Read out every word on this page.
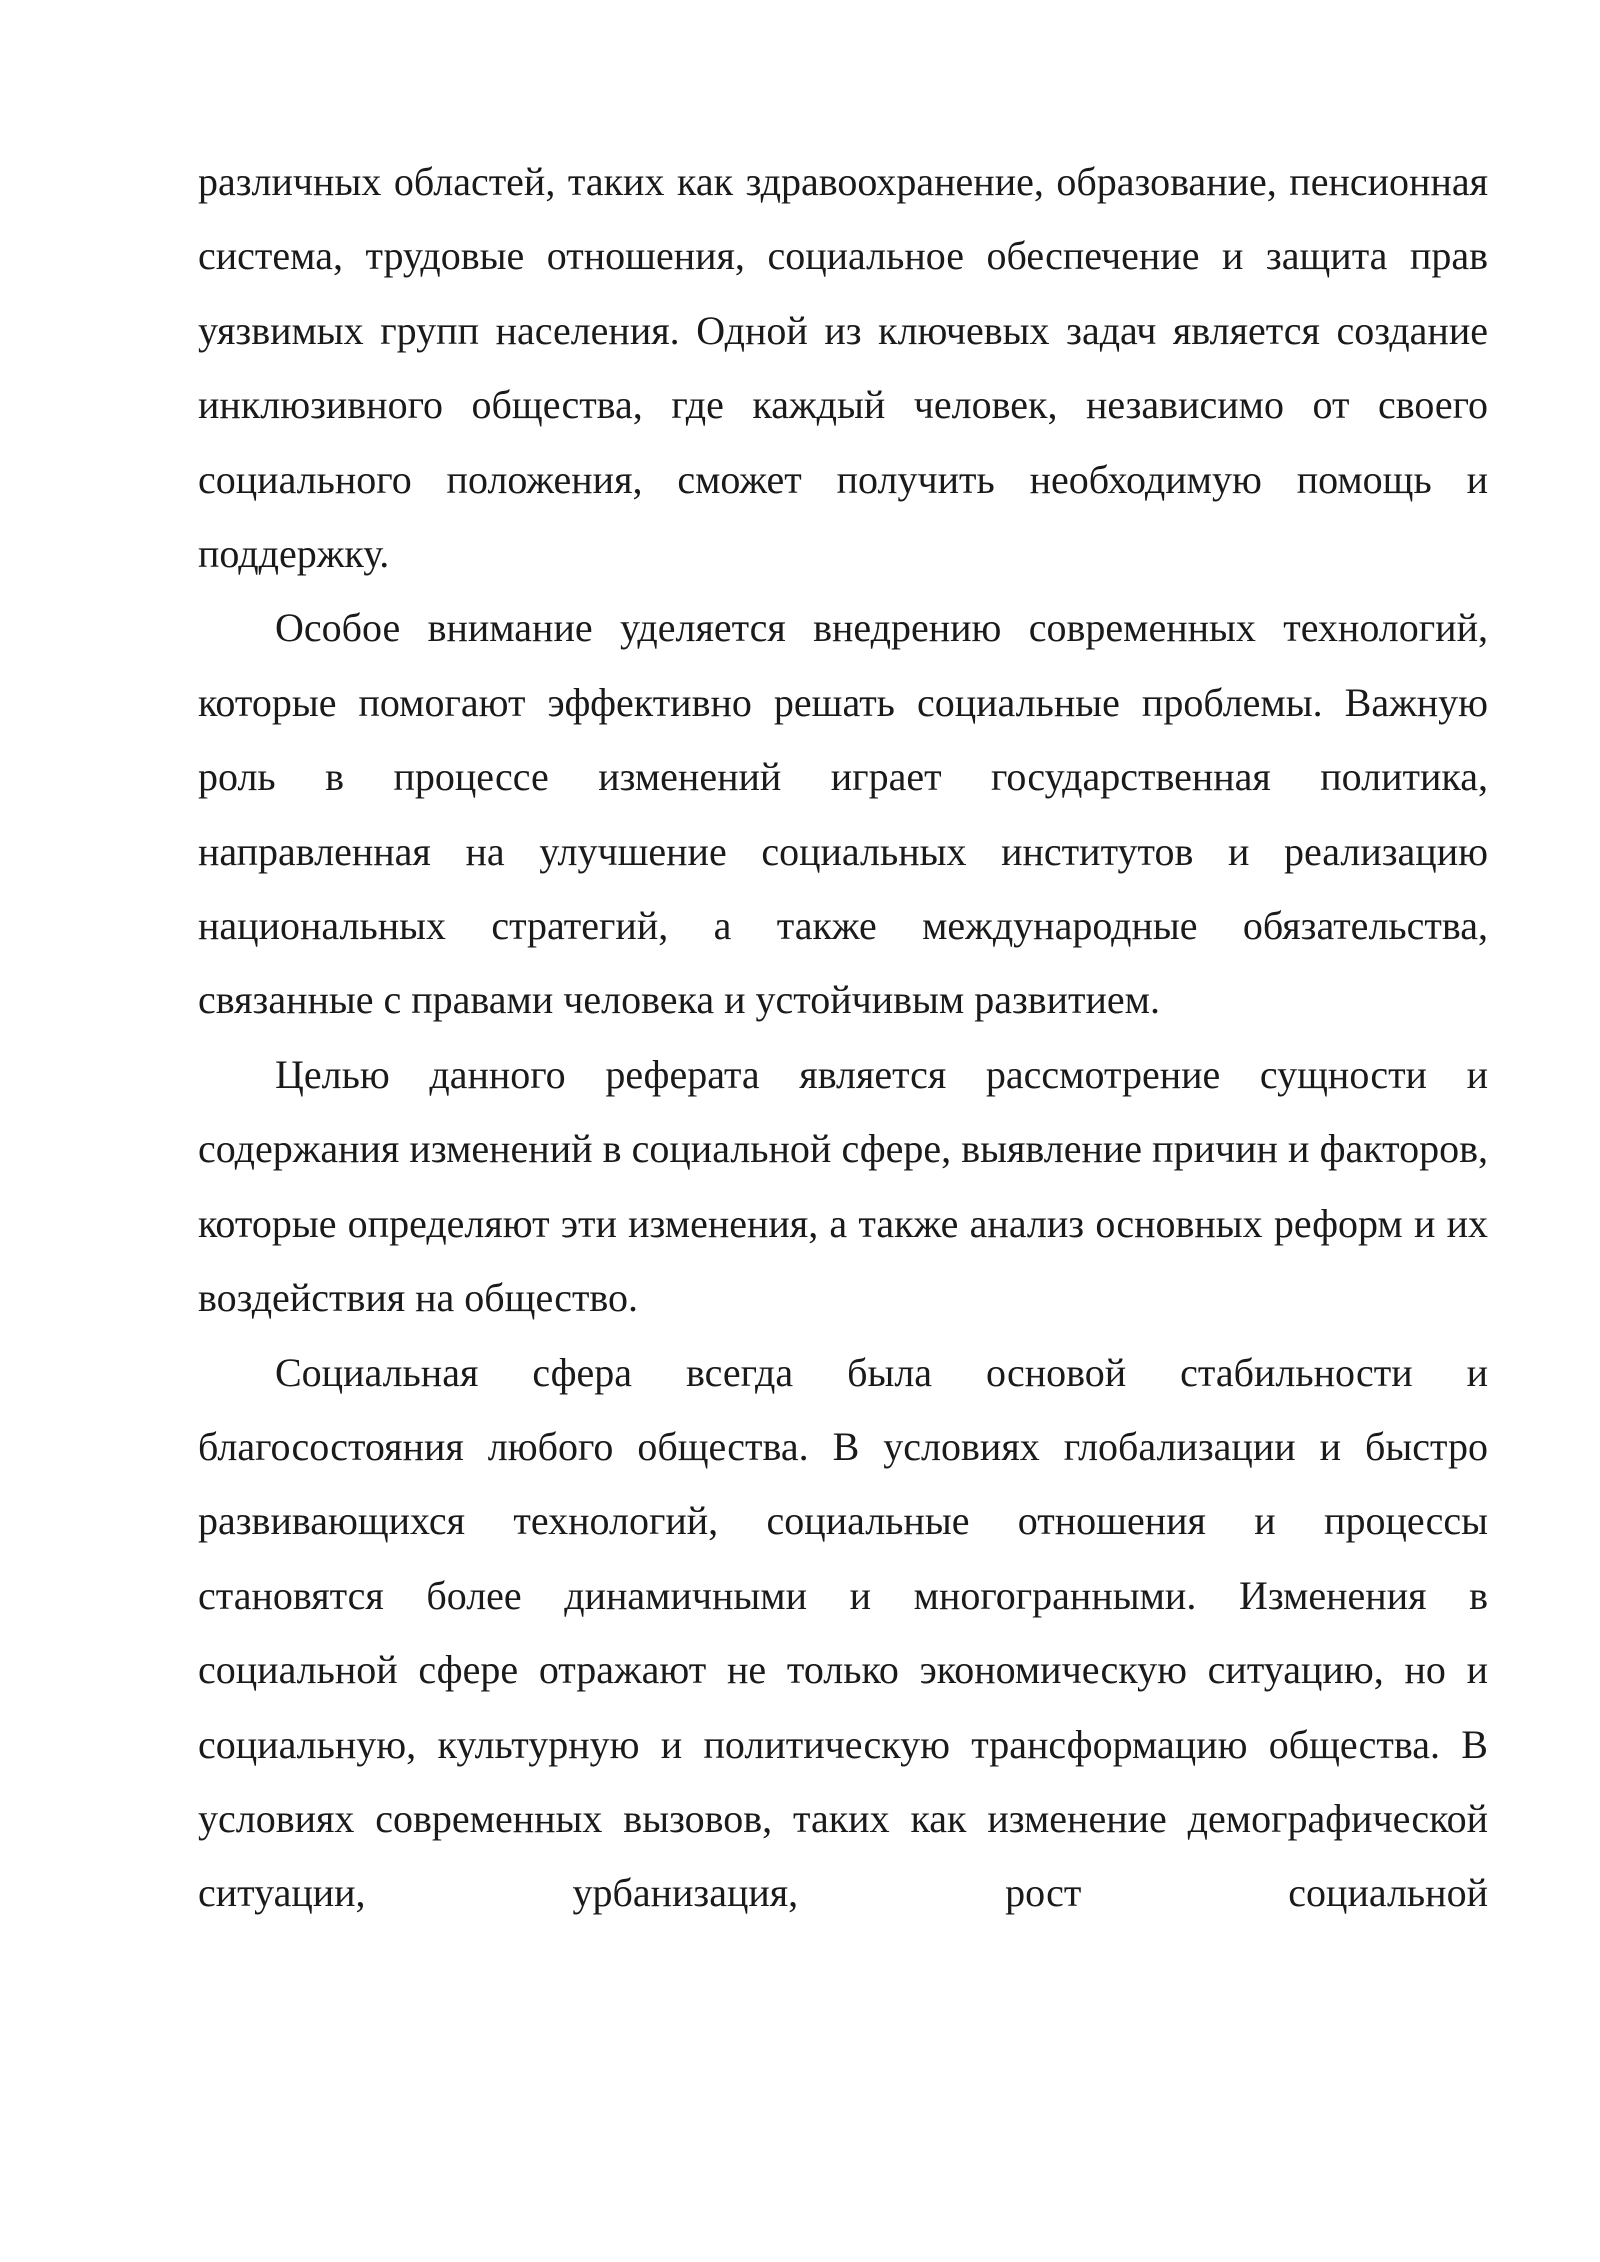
различных областей, таких как здравоохранение, образование, пенсионная система, трудовые отношения, социальное обеспечение и защита прав уязвимых групп населения. Одной из ключевых задач является создание инклюзивного общества, где каждый человек, независимо от своего социального положения, сможет получить необходимую помощь и поддержку.

Особое внимание уделяется внедрению современных технологий, которые помогают эффективно решать социальные проблемы. Важную роль в процессе изменений играет государственная политика, направленная на улучшение социальных институтов и реализацию национальных стратегий, а также международные обязательства, связанные с правами человека и устойчивым развитием.

Целью данного реферата является рассмотрение сущности и содержания изменений в социальной сфере, выявление причин и факторов, которые определяют эти изменения, а также анализ основных реформ и их воздействия на общество.

Социальная сфера всегда была основой стабильности и благосостояния любого общества. В условиях глобализации и быстро развивающихся технологий, социальные отношения и процессы становятся более динамичными и многогранными. Изменения в социальной сфере отражают не только экономическую ситуацию, но и социальную, культурную и политическую трансформацию общества. В условиях современных вызовов, таких как изменение демографической ситуации, урбанизация, рост социальной
